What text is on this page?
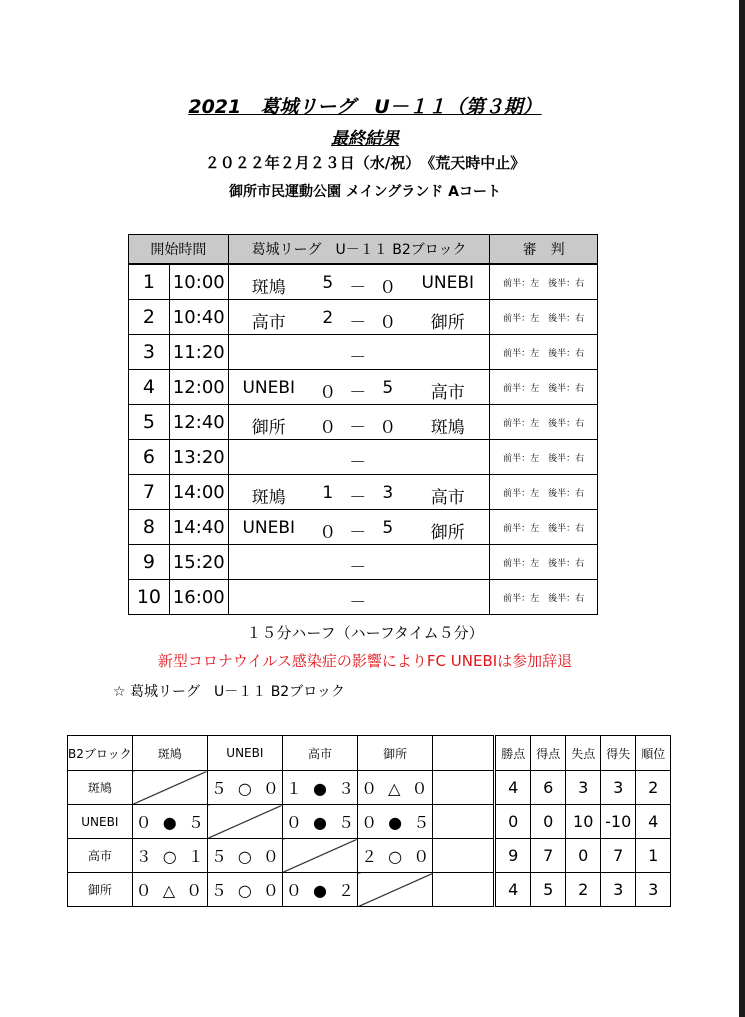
2021　葛城リーグ　U－１１（第３期）
最終結果
２０２２年２月２３日（水/祝）　《荒天時中止》
御所市民運動公園 メイングランド Aコート
開始時間		葛城リーグ　U－１１ B2ブロック	審　判
1	10:00	斑鳩 5 － ０ UNEBI	前半：左　後半：右
2	10:40	高市 2 － ０ 御所	前半：左　後半：右
3	11:20	－	前半：左　後半：右
4	12:00	UNEBI ０ － 5 高市	前半：左　後半：右
5	12:40	御所 ０ － ０ 斑鳩	前半：左　後半：右
6	13:20	－	前半：左　後半：右
7	14:00	斑鳩 1 － 3 高市	前半：左　後半：右
8	14:40	UNEBI ０ － 5 御所	前半：左　後半：右
9	15:20	－	前半：左　後半：右
10	16:00	－	前半：左　後半：右
１５分ハーフ（ハーフタイム５分）
新型コロナウイルス感染症の影響によりFC UNEBIは参加辞退
☆ 葛城リーグ　U－１１ B2ブロック
B2ブロック	斑鳩	UNEBI	高市	御所		勝点	得点	失点	得失	順位
斑鳩		５ ○ ０	１ ● ３	０ △ ０		4	6	3	3	2
UNEBI	０ ● ５		０ ● ５	０ ● ５		0	0	10	-10	4
高市	３ ○ １	５ ○ ０		２ ○ ０		9	7	0	7	1
御所	０ △ ０	５ ○ ０	０ ● ２			4	5	2	3	3
